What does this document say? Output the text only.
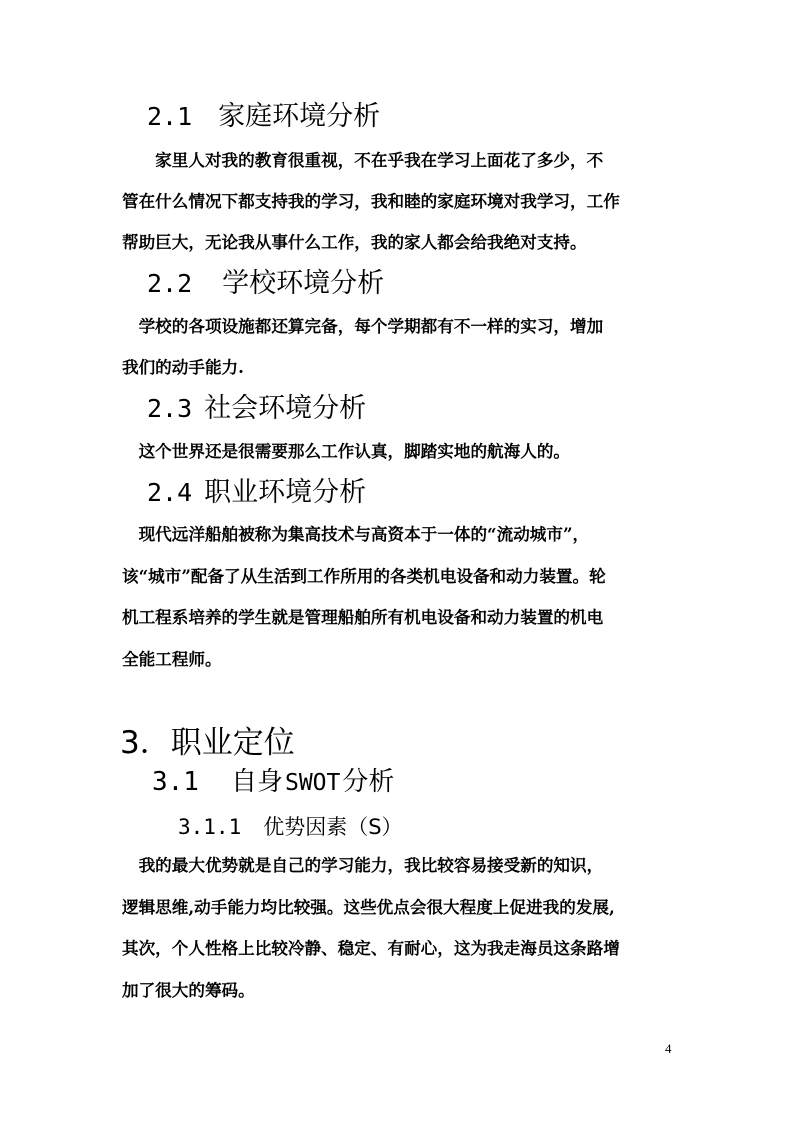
2.1 家庭环境分析

　　家里人对我的教育很重视，不在乎我在学习上面花了多少，不

管在什么情况下都支持我的学习，我和睦的家庭环境对我学习，工作

帮助巨大，无论我从事什么工作，我的家人都会给我绝对支持。

2.2 学校环境分析

　学校的各项设施都还算完备，每个学期都有不一样的实习，增加

我们的动手能力.

2.3 社会环境分析

　这个世界还是很需要那么工作认真，脚踏实地的航海人的。

2.4 职业环境分析

　现代远洋船舶被称为集高技术与高资本于一体的“流动城市”，

该“城市”配备了从生活到工作所用的各类机电设备和动力装置。轮

机工程系培养的学生就是管理船舶所有机电设备和动力装置的机电

全能工程师。

3．职业定位
3.1 自身SWOT分析
3.1.1 优势因素（S）

　我的最大优势就是自己的学习能力，我比较容易接受新的知识，

逻辑思维,动手能力均比较强。这些优点会很大程度上促进我的发展,

其次，个人性格上比较冷静、稳定、有耐心，这为我走海员这条路增

加了很大的筹码。

4
